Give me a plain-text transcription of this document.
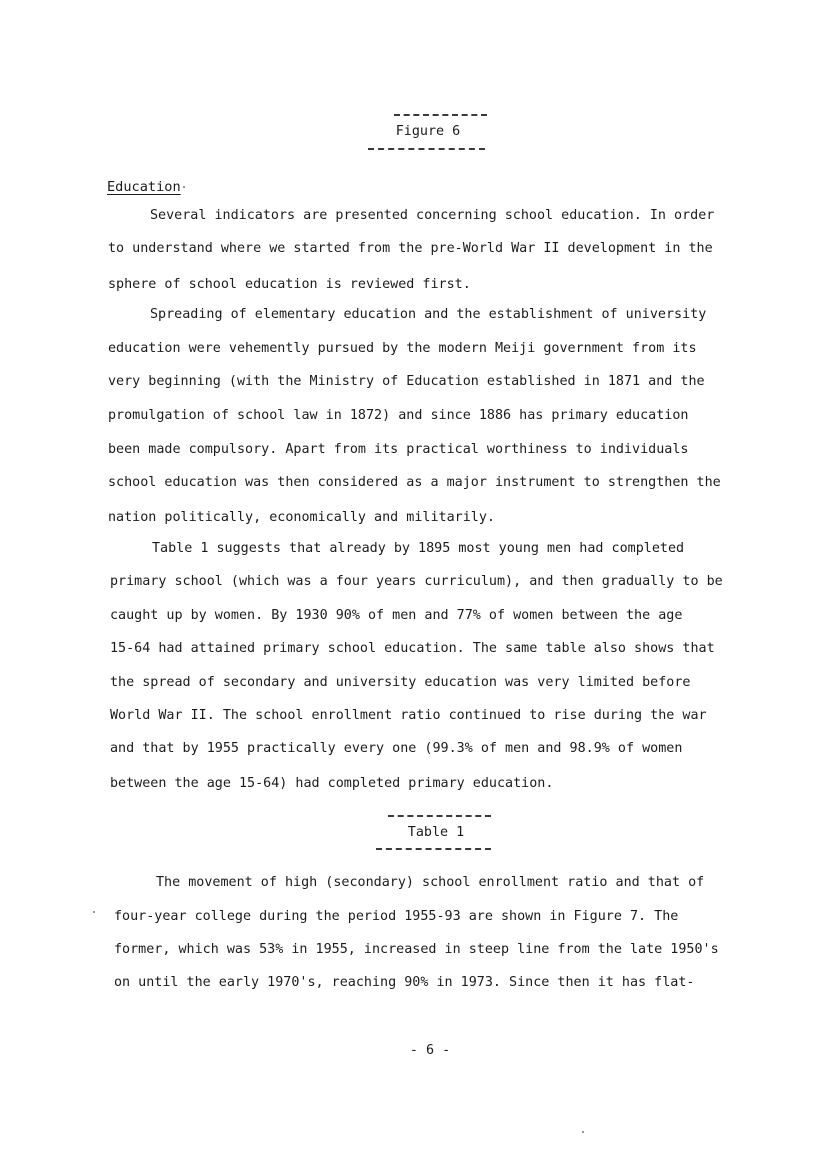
Figure 6
Education
Several indicators are presented concerning school education. In order
to understand where we started from the pre-World War II development in the
sphere of school education is reviewed first.
Spreading of elementary education and the establishment of university
education were vehemently pursued by the modern Meiji government from its
very beginning (with the Ministry of Education established in 1871 and the
promulgation of school law in 1872) and since 1886 has primary education
been made compulsory. Apart from its practical worthiness to individuals
school education was then considered as a major instrument to strengthen the
nation politically, economically and militarily.
Table 1 suggests that already by 1895 most young men had completed
primary school (which was a four years curriculum), and then gradually to be
caught up by women. By 1930 90% of men and 77% of women between the age
15-64 had attained primary school education. The same table also shows that
the spread of secondary and university education was very limited before
World War II. The school enrollment ratio continued to rise during the war
and that by 1955 practically every one (99.3% of men and 98.9% of women
between the age 15-64) had completed primary education.
Table 1
The movement of high (secondary) school enrollment ratio and that of
four-year college during the period 1955-93 are shown in Figure 7. The
former, which was 53% in 1955, increased in steep line from the late 1950's
on until the early 1970's, reaching 90% in 1973. Since then it has flat-
- 6 -
